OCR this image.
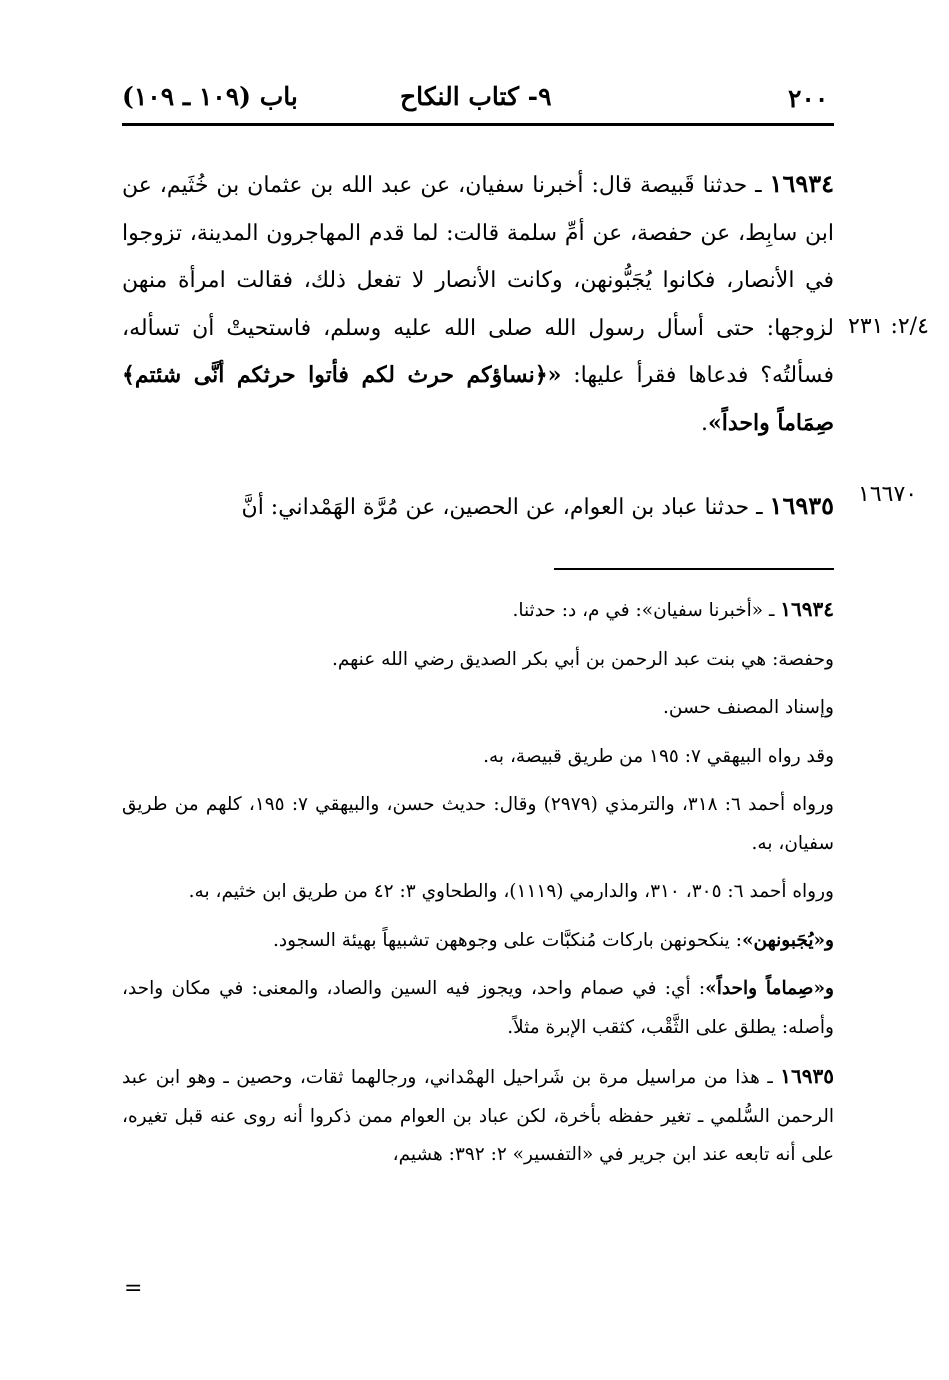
٢٠٠
٩- كتاب النكاح
باب (١٠٩ ـ ١٠٩)
٢/٤: ٢٣١
١٦٦٧٠

١٦٩٣٤ ـ حدثنا قَبيصة قال: أخبرنا سفيان، عن عبد الله بن عثمان بن خُثَيم، عن ابن سابِط، عن حفصة، عن أمِّ سلمة قالت: لما قدم المهاجرون المدينة، تزوجوا في الأنصار، فكانوا يُجَبُّونهن، وكانت الأنصار لا تفعل ذلك، فقالت امرأة منهن لزوجها: حتى أسأل رسول الله صلى الله عليه وسلم، فاستحيتْ أن تسأله، فسألتُه؟ فدعاها فقرأ عليها: «﴿نساؤكم حرث لكم فأتوا حرثكم أنَّى شئتم﴾ صِمَاماً واحداً».

١٦٩٣٥ ـ حدثنا عباد بن العوام، عن الحصين، عن مُرَّة الهَمْداني: أنَّ

١٦٩٣٤ ـ «أخبرنا سفيان»: في م، د: حدثنا.

وحفصة: هي بنت عبد الرحمن بن أبي بكر الصديق رضي الله عنهم.

وإسناد المصنف حسن.

وقد رواه البيهقي ٧: ١٩٥ من طريق قبيصة، به.

ورواه أحمد ٦: ٣١٨، والترمذي (٢٩٧٩) وقال: حديث حسن، والبيهقي ٧: ١٩٥، كلهم من طريق سفيان، به.

ورواه أحمد ٦: ٣٠٥، ٣١٠، والدارمي (١١١٩)، والطحاوي ٣: ٤٢ من طريق ابن خثيم، به.

و«يُجَبونهن»: ينكحونهن باركات مُنكبَّات على وجوههن تشبيهاً بهيئة السجود.

و«صِماماً واحداً»: أي: في صمام واحد، ويجوز فيه السين والصاد، والمعنى: في مكان واحد، وأصله: يطلق على الثَّقْب، كثقب الإبرة مثلاً.

١٦٩٣٥ ـ هذا من مراسيل مرة بن شَراحيل الهمْداني، ورجالهما ثقات، وحصين ـ وهو ابن عبد الرحمن السُّلمي ـ تغير حفظه بأخرة، لكن عباد بن العوام ممن ذكروا أنه روى عنه قبل تغيره، على أنه تابعه عند ابن جرير في «التفسير» ٢: ٣٩٢: هشيم،

=
